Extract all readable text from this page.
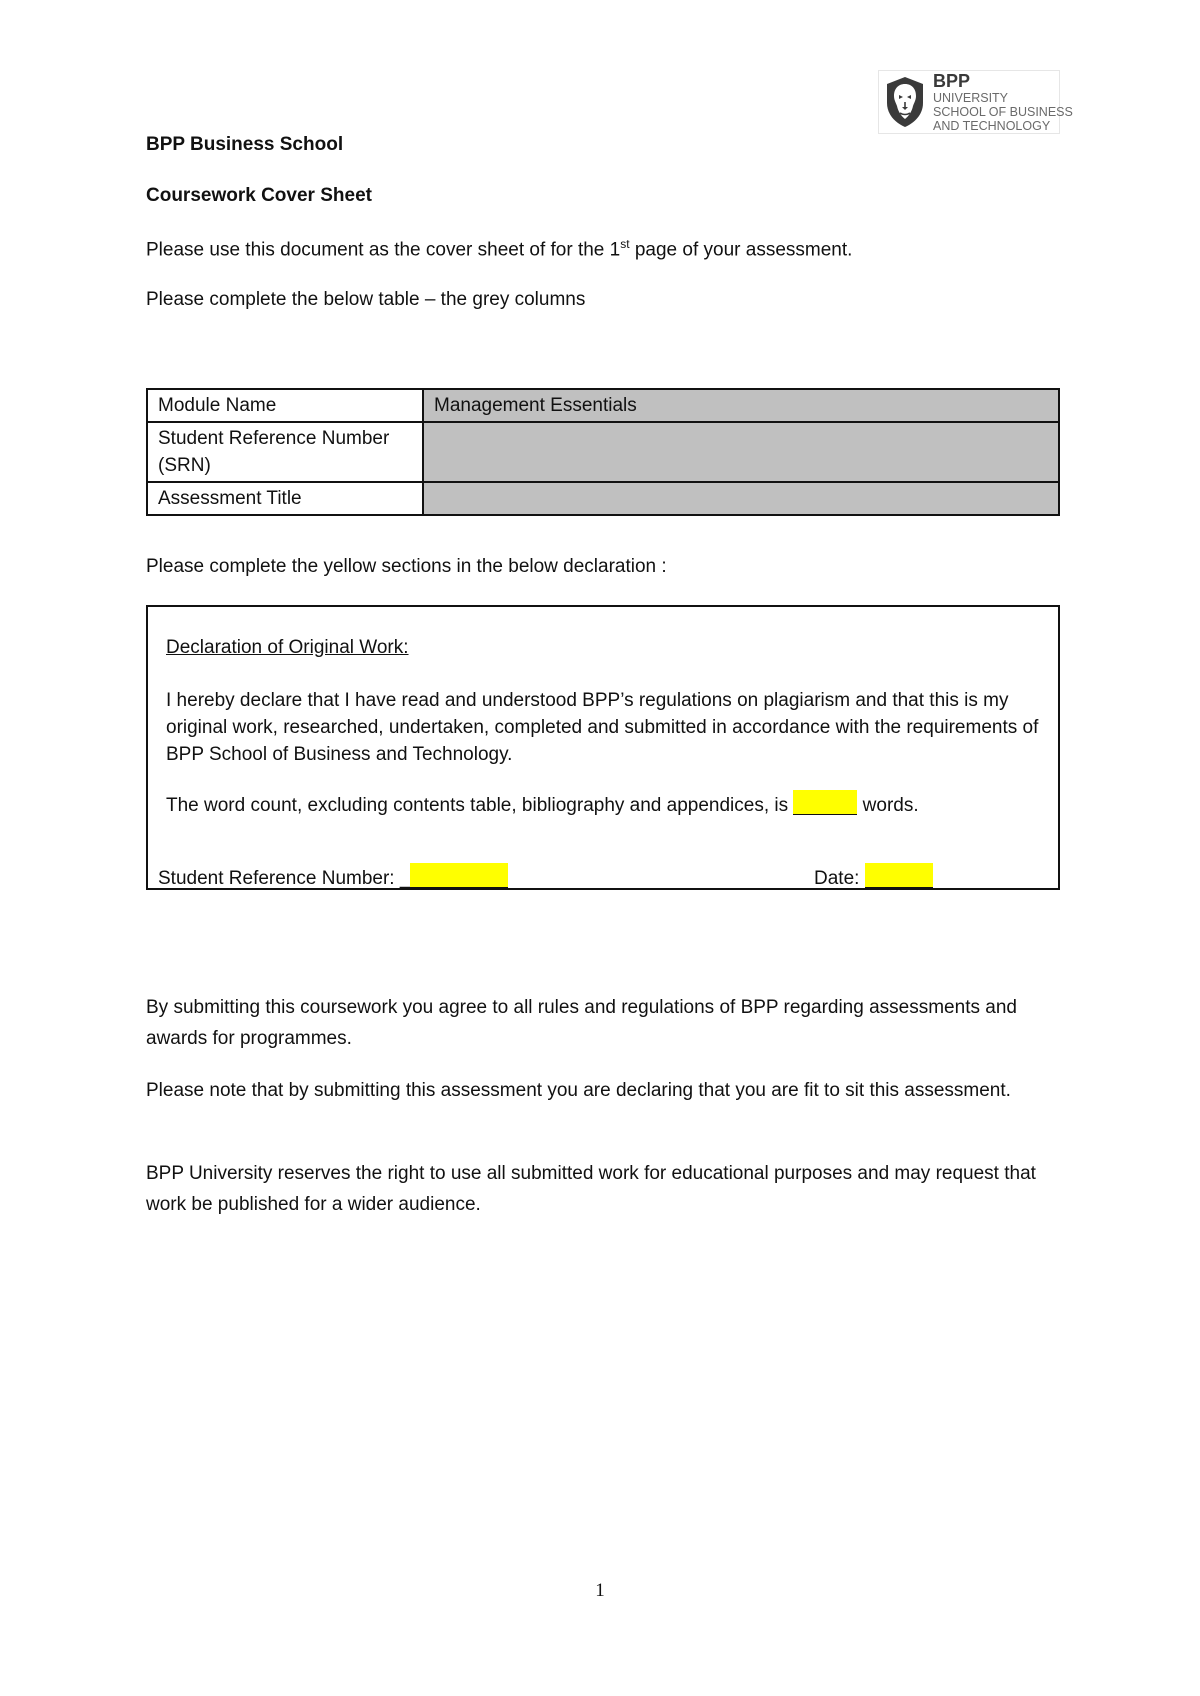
BPP
UNIVERSITY
SCHOOL OF BUSINESS
AND TECHNOLOGY
BPP Business School
Coursework Cover Sheet
Please use this document as the cover sheet of for the 1st page of your assessment.
Please complete the below table – the grey columns
Module Name	Management Essentials
Student Reference Number (SRN)	
Assessment Title	
Please complete the yellow sections in the below declaration :
Declaration of Original Work:
I hereby declare that I have read and understood BPP’s regulations on plagiarism and that this is my original work, researched, undertaken, completed and submitted in accordance with the requirements of BPP School of Business and Technology.
The word count, excluding contents table, bibliography and appendices, is	words.
Student Reference Number: _	Date:
By submitting this coursework you agree to all rules and regulations of BPP regarding assessments and awards for programmes.
Please note that by submitting this assessment you are declaring that you are fit to sit this assessment.
BPP University reserves the right to use all submitted work for educational purposes and may request that work be published for a wider audience.
1
